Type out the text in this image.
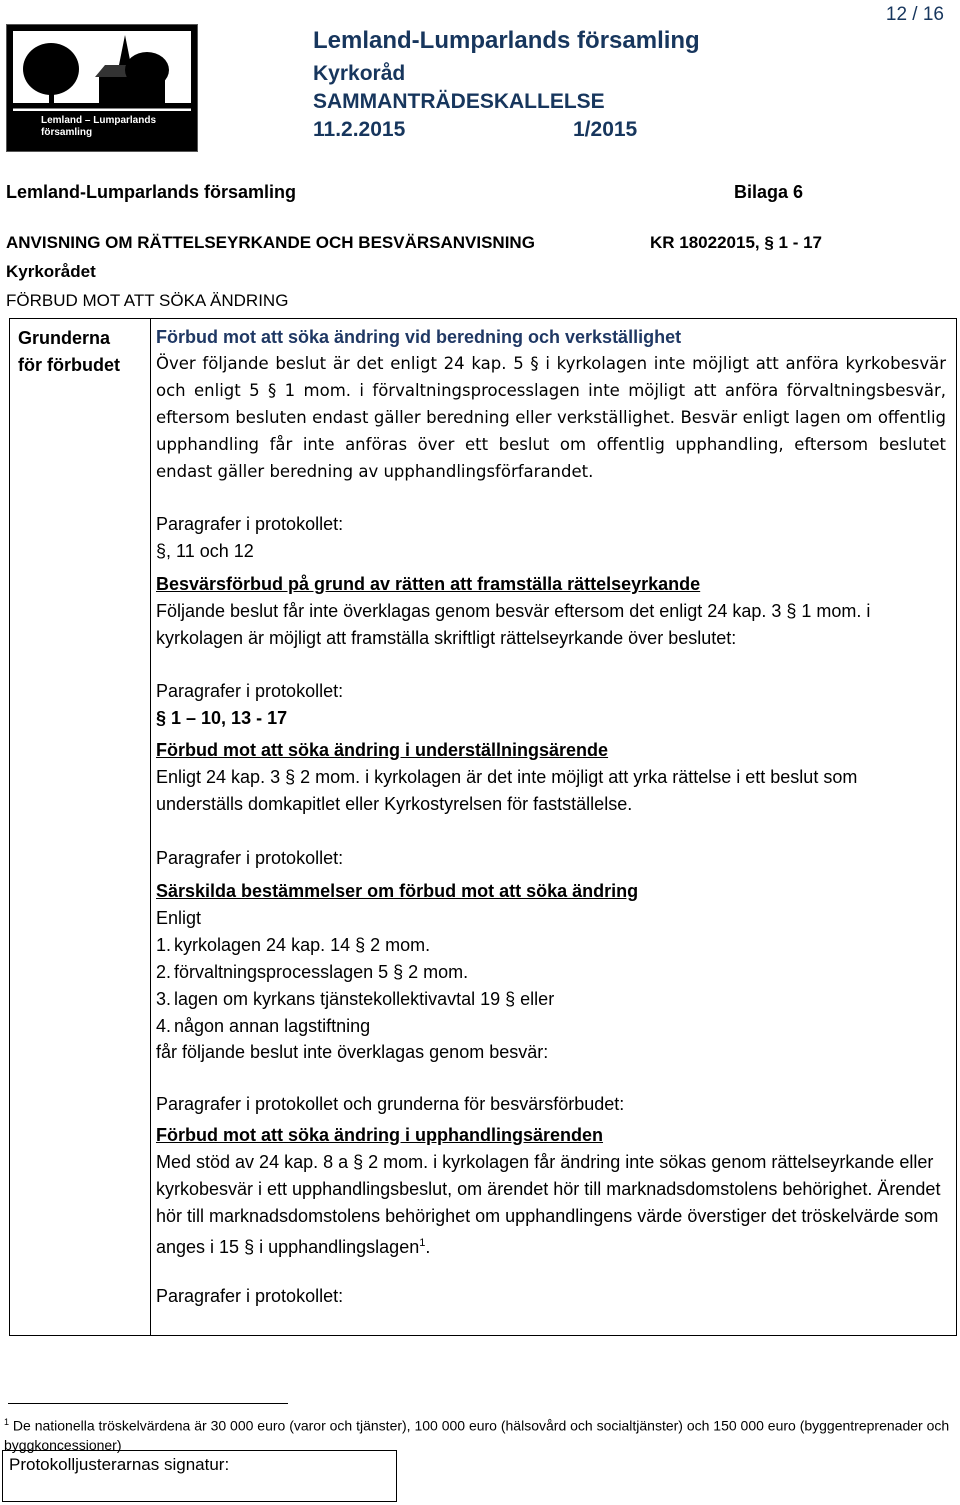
Lemland – Lumparlands
församling
12 / 16
Lemland-Lumparlands församling
Kyrkoråd
SAMMANTRÄDESKALLELSE
11.2.2015	1/2015
Lemland-Lumparlands församling	Bilaga 6
ANVISNING OM RÄTTELSEYRKANDE OCH BESVÄRSANVISNING	KR 18022015, § 1 - 17
Kyrkorådet
FÖRBUD MOT ATT SÖKA ÄNDRING
Grunderna
för förbudet
Förbud mot att söka ändring vid beredning och verkställighet
Över följande beslut är det enligt 24 kap. 5 § i kyrkolagen inte möjligt att anföra kyrkobesvär och enligt 5 § 1 mom. i förvaltningsprocesslagen inte möjligt att anföra förvaltningsbesvär, eftersom besluten endast gäller beredning eller verkställighet. Besvär enligt lagen om offentlig upphandling får inte anföras över ett beslut om offentlig upphandling, eftersom beslutet endast gäller beredning av upphandlingsförfarandet.
Paragrafer i protokollet:
§, 11 och 12
Besvärsförbud på grund av rätten att framställa rättelseyrkande
Följande beslut får inte överklagas genom besvär eftersom det enligt 24 kap. 3 § 1 mom. i kyrkolagen är möjligt att framställa skriftligt rättelseyrkande över beslutet:
Paragrafer i protokollet:
§ 1 – 10, 13 - 17
Förbud mot att söka ändring i underställningsärende
Enligt 24 kap. 3 § 2 mom. i kyrkolagen är det inte möjligt att yrka rättelse i ett beslut som underställs domkapitlet eller Kyrkostyrelsen för fastställelse.
Paragrafer i protokollet:
Särskilda bestämmelser om förbud mot att söka ändring
Enligt
1. kyrkolagen 24 kap. 14 § 2 mom.
2. förvaltningsprocesslagen 5 § 2 mom.
3. lagen om kyrkans tjänstekollektivavtal 19 § eller
4. någon annan lagstiftning
får följande beslut inte överklagas genom besvär:
Paragrafer i protokollet och grunderna för besvärsförbudet:
Förbud mot att söka ändring i upphandlingsärenden
Med stöd av 24 kap. 8 a § 2 mom. i kyrkolagen får ändring inte sökas genom rättelseyrkande eller kyrkobesvär i ett upphandlingsbeslut, om ärendet hör till marknadsdomstolens behörighet. Ärendet hör till marknadsdomstolens behörighet om upphandlingens värde överstiger det tröskelvärde som anges i 15 § i upphandlingslagen$^1$.
Paragrafer i protokollet:
$^1$ De nationella tröskelvärdena är 30 000 euro (varor och tjänster), 100 000 euro (hälsovård och socialtjänster) och 150 000 euro (byggentreprenader och byggkoncessioner)
Protokolljusterarnas signatur:
